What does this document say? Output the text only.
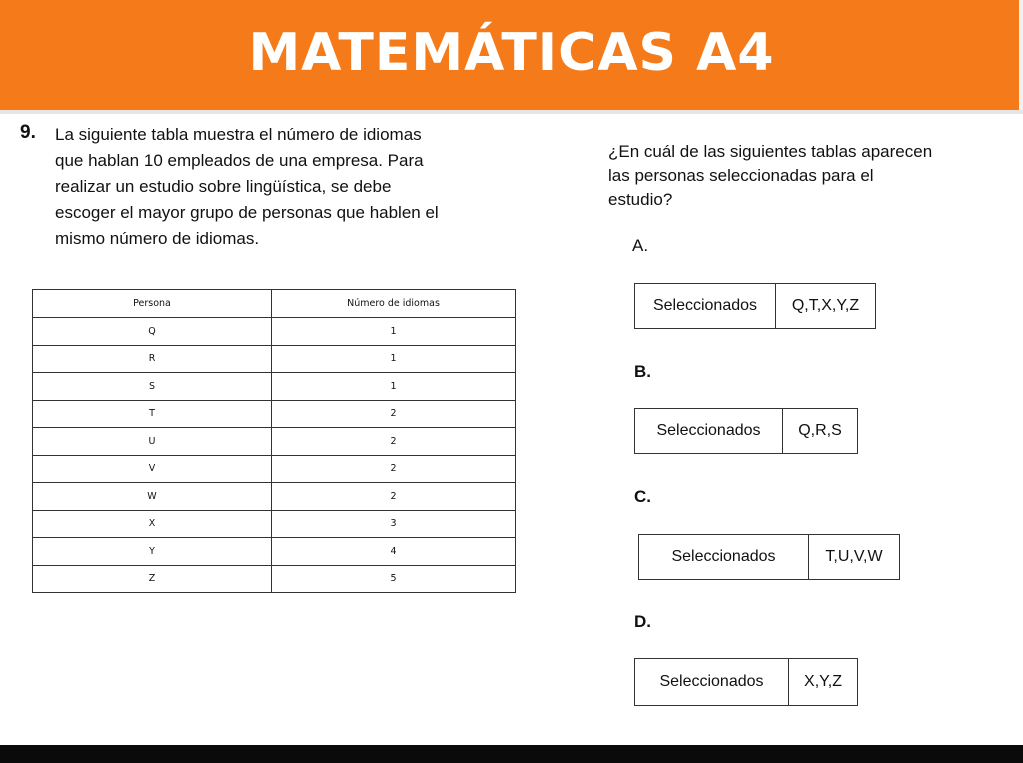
MATEMÁTICAS A4
9. La siguiente tabla muestra el número de idiomas
que hablan 10 empleados de una empresa. Para
realizar un estudio sobre lingüística, se debe
escoger el mayor grupo de personas que hablen el
mismo número de idiomas.
¿En cuál de las siguientes tablas aparecen
las personas seleccionadas para el
estudio?
Persona	Número de idiomas
Q	1
R	1
S	1
T	2
U	2
V	2
W	2
X	3
Y	4
Z	5
A.
Seleccionados	Q,T,X,Y,Z
B.
Seleccionados	Q,R,S
C.
Seleccionados	T,U,V,W
D.
Seleccionados	X,Y,Z
